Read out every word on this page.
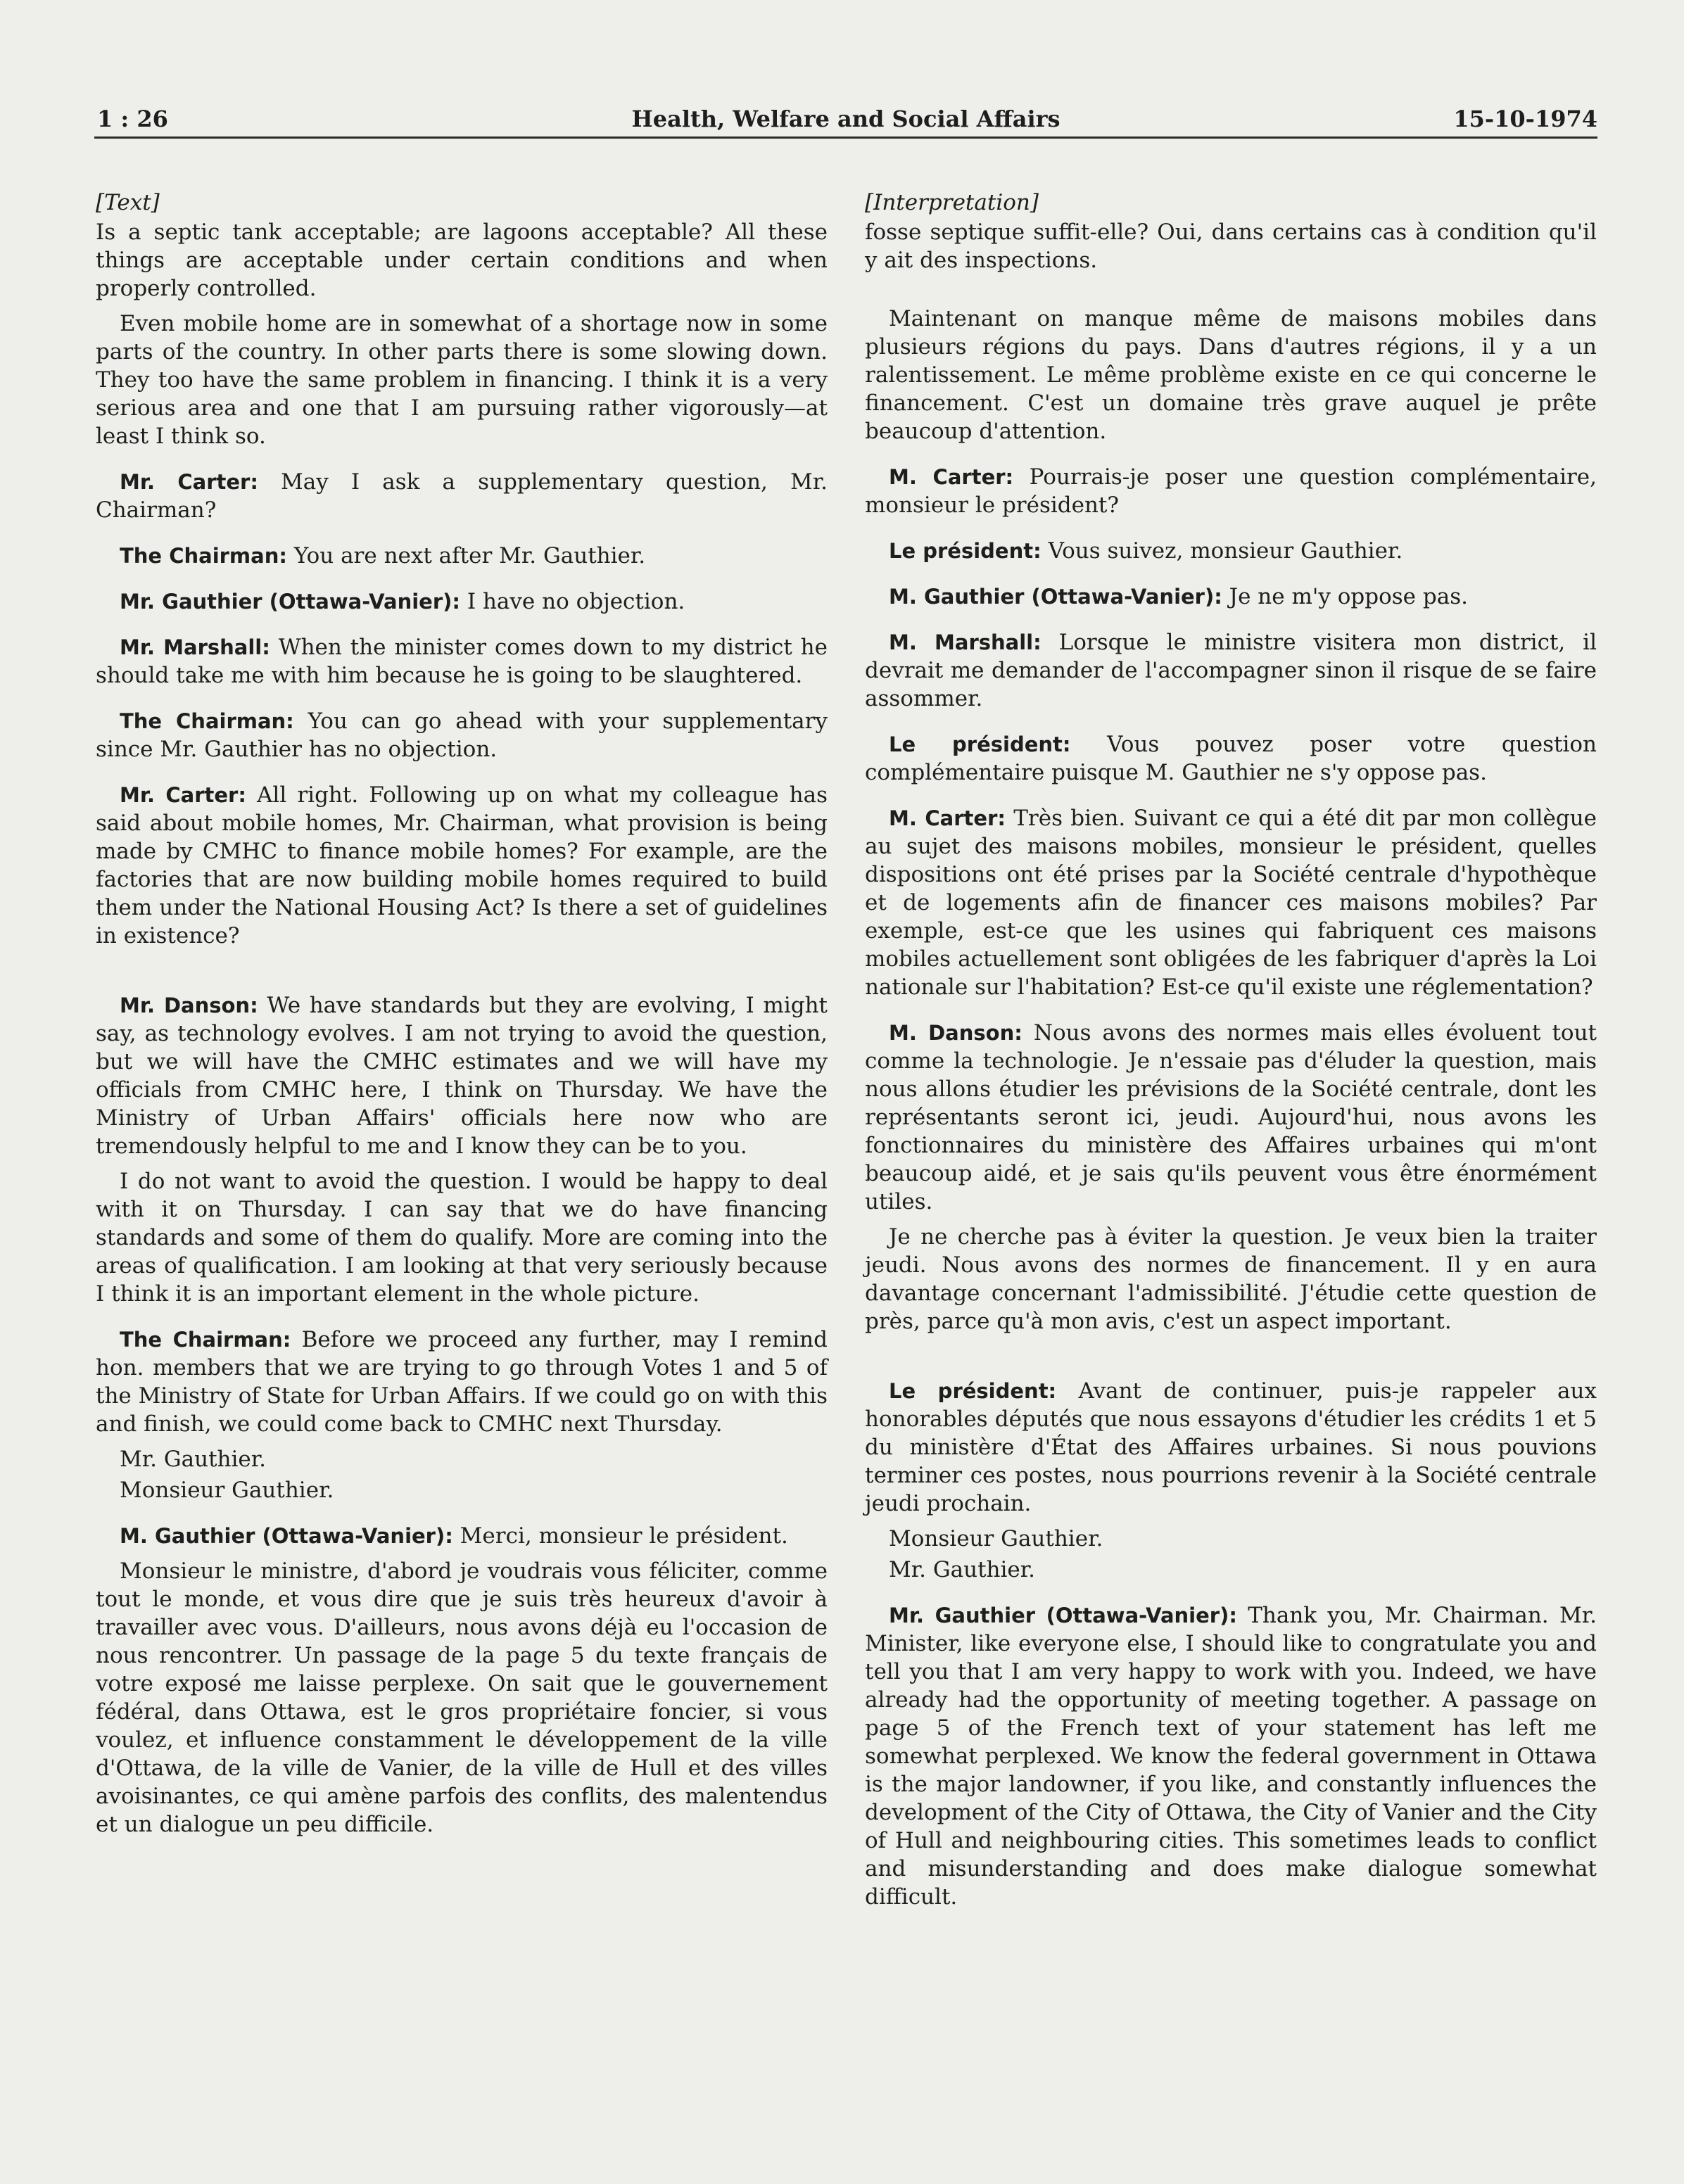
1 : 26	Health, Welfare and Social Affairs	15-10-1974

[Text]

Is a septic tank acceptable; are lagoons acceptable? All these things are acceptable under certain conditions and when properly controlled.

Even mobile home are in somewhat of a shortage now in some parts of the country. In other parts there is some slowing down. They too have the same problem in financing. I think it is a very serious area and one that I am pursuing rather vigorously—at least I think so.

Mr. Carter: May I ask a supplementary question, Mr. Chairman?

The Chairman: You are next after Mr. Gauthier.

Mr. Gauthier (Ottawa-Vanier): I have no objection.

Mr. Marshall: When the minister comes down to my district he should take me with him because he is going to be slaughtered.

The Chairman: You can go ahead with your supplementary since Mr. Gauthier has no objection.

Mr. Carter: All right. Following up on what my colleague has said about mobile homes, Mr. Chairman, what provision is being made by CMHC to finance mobile homes? For example, are the factories that are now building mobile homes required to build them under the National Housing Act? Is there a set of guidelines in existence?

Mr. Danson: We have standards but they are evolving, I might say, as technology evolves. I am not trying to avoid the question, but we will have the CMHC estimates and we will have my officials from CMHC here, I think on Thursday. We have the Ministry of Urban Affairs' officials here now who are tremendously helpful to me and I know they can be to you.

I do not want to avoid the question. I would be happy to deal with it on Thursday. I can say that we do have financing standards and some of them do qualify. More are coming into the areas of qualification. I am looking at that very seriously because I think it is an important element in the whole picture.

The Chairman: Before we proceed any further, may I remind hon. members that we are trying to go through Votes 1 and 5 of the Ministry of State for Urban Affairs. If we could go on with this and finish, we could come back to CMHC next Thursday.

Mr. Gauthier.

Monsieur Gauthier.

M. Gauthier (Ottawa-Vanier): Merci, monsieur le président.

Monsieur le ministre, d'abord je voudrais vous féliciter, comme tout le monde, et vous dire que je suis très heureux d'avoir à travailler avec vous. D'ailleurs, nous avons déjà eu l'occasion de nous rencontrer. Un passage de la page 5 du texte français de votre exposé me laisse perplexe. On sait que le gouvernement fédéral, dans Ottawa, est le gros propriétaire foncier, si vous voulez, et influence constamment le développement de la ville d'Ottawa, de la ville de Vanier, de la ville de Hull et des villes avoisinantes, ce qui amène parfois des conflits, des malentendus et un dialogue un peu difficile.

[Interpretation]

fosse septique suffit-elle? Oui, dans certains cas à condition qu'il y ait des inspections.

Maintenant on manque même de maisons mobiles dans plusieurs régions du pays. Dans d'autres régions, il y a un ralentissement. Le même problème existe en ce qui concerne le financement. C'est un domaine très grave auquel je prête beaucoup d'attention.

M. Carter: Pourrais-je poser une question complémentaire, monsieur le président?

Le président: Vous suivez, monsieur Gauthier.

M. Gauthier (Ottawa-Vanier): Je ne m'y oppose pas.

M. Marshall: Lorsque le ministre visitera mon district, il devrait me demander de l'accompagner sinon il risque de se faire assommer.

Le président: Vous pouvez poser votre question complémentaire puisque M. Gauthier ne s'y oppose pas.

M. Carter: Très bien. Suivant ce qui a été dit par mon collègue au sujet des maisons mobiles, monsieur le président, quelles dispositions ont été prises par la Société centrale d'hypothèque et de logements afin de financer ces maisons mobiles? Par exemple, est-ce que les usines qui fabriquent ces maisons mobiles actuellement sont obligées de les fabriquer d'après la Loi nationale sur l'habitation? Est-ce qu'il existe une réglementation?

M. Danson: Nous avons des normes mais elles évoluent tout comme la technologie. Je n'essaie pas d'éluder la question, mais nous allons étudier les prévisions de la Société centrale, dont les représentants seront ici, jeudi. Aujourd'hui, nous avons les fonctionnaires du ministère des Affaires urbaines qui m'ont beaucoup aidé, et je sais qu'ils peuvent vous être énormément utiles.

Je ne cherche pas à éviter la question. Je veux bien la traiter jeudi. Nous avons des normes de financement. Il y en aura davantage concernant l'admissibilité. J'étudie cette question de près, parce qu'à mon avis, c'est un aspect important.

Le président: Avant de continuer, puis-je rappeler aux honorables députés que nous essayons d'étudier les crédits 1 et 5 du ministère d'État des Affaires urbaines. Si nous pouvions terminer ces postes, nous pourrions revenir à la Société centrale jeudi prochain.

Monsieur Gauthier.

Mr. Gauthier.

Mr. Gauthier (Ottawa-Vanier): Thank you, Mr. Chairman. Mr. Minister, like everyone else, I should like to congratulate you and tell you that I am very happy to work with you. Indeed, we have already had the opportunity of meeting together. A passage on page 5 of the French text of your statement has left me somewhat perplexed. We know the federal government in Ottawa is the major landowner, if you like, and constantly influences the development of the City of Ottawa, the City of Vanier and the City of Hull and neighbouring cities. This sometimes leads to conflict and misunderstanding and does make dialogue somewhat difficult.
